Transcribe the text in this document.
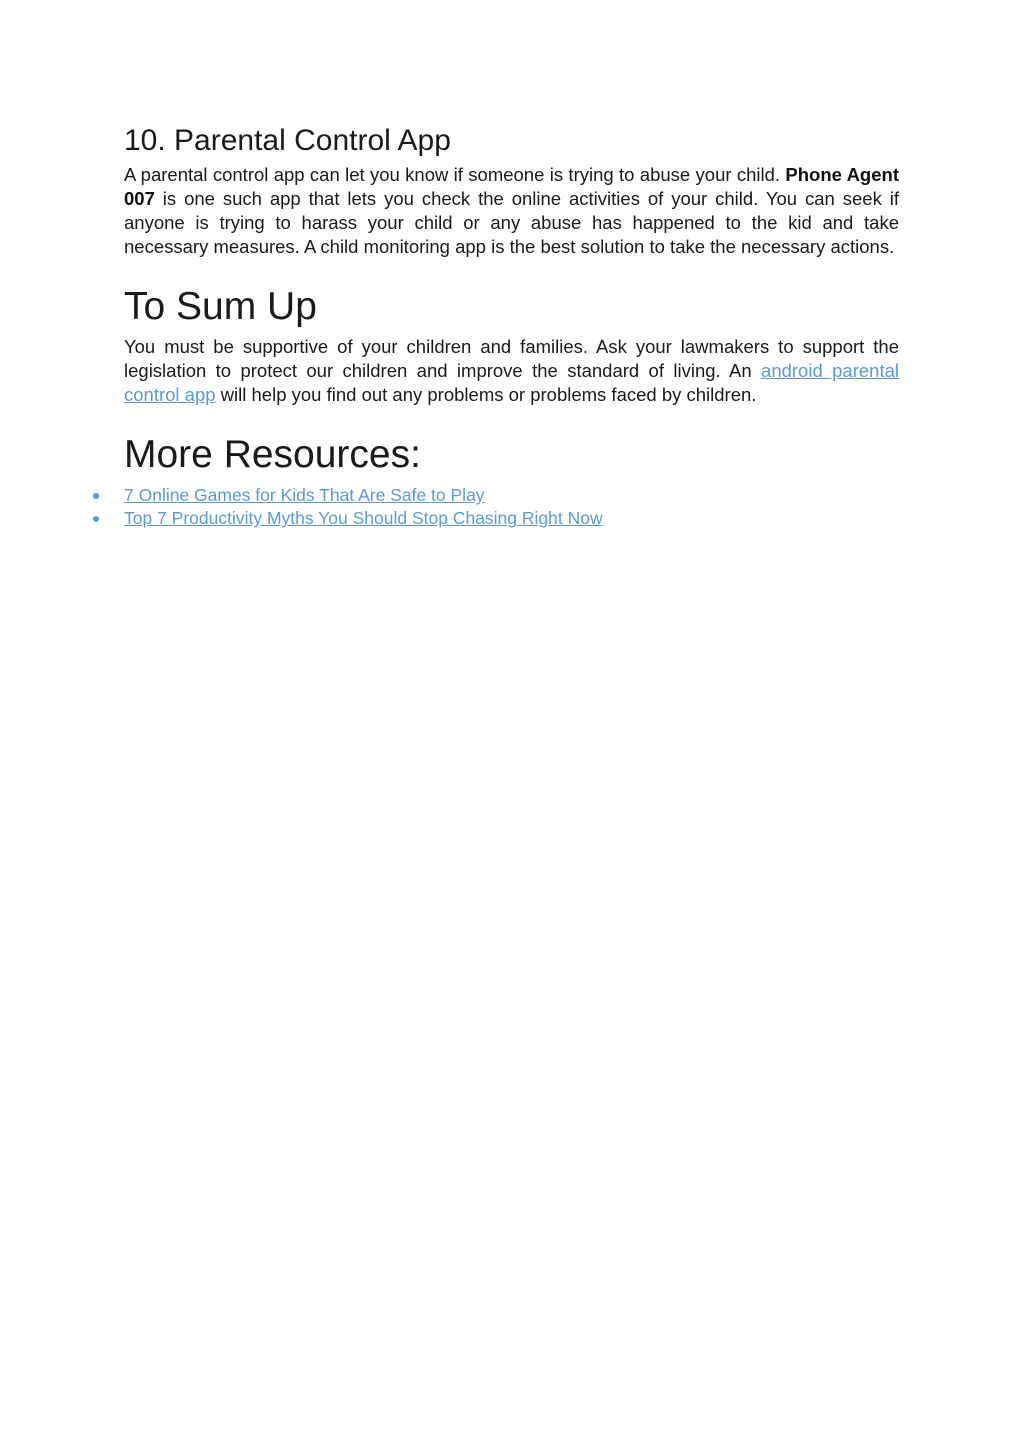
10. Parental Control App

A parental control app can let you know if someone is trying to abuse your child. Phone Agent 007 is one such app that lets you check the online activities of your child. You can seek if anyone is trying to harass your child or any abuse has happened to the kid and take necessary measures. A child monitoring app is the best solution to take the necessary actions.

To Sum Up

You must be supportive of your children and families. Ask your lawmakers to support the legislation to protect our children and improve the standard of living. An android parental control app will help you find out any problems or problems faced by children.

More Resources:
7 Online Games for Kids That Are Safe to Play
Top 7 Productivity Myths You Should Stop Chasing Right Now
